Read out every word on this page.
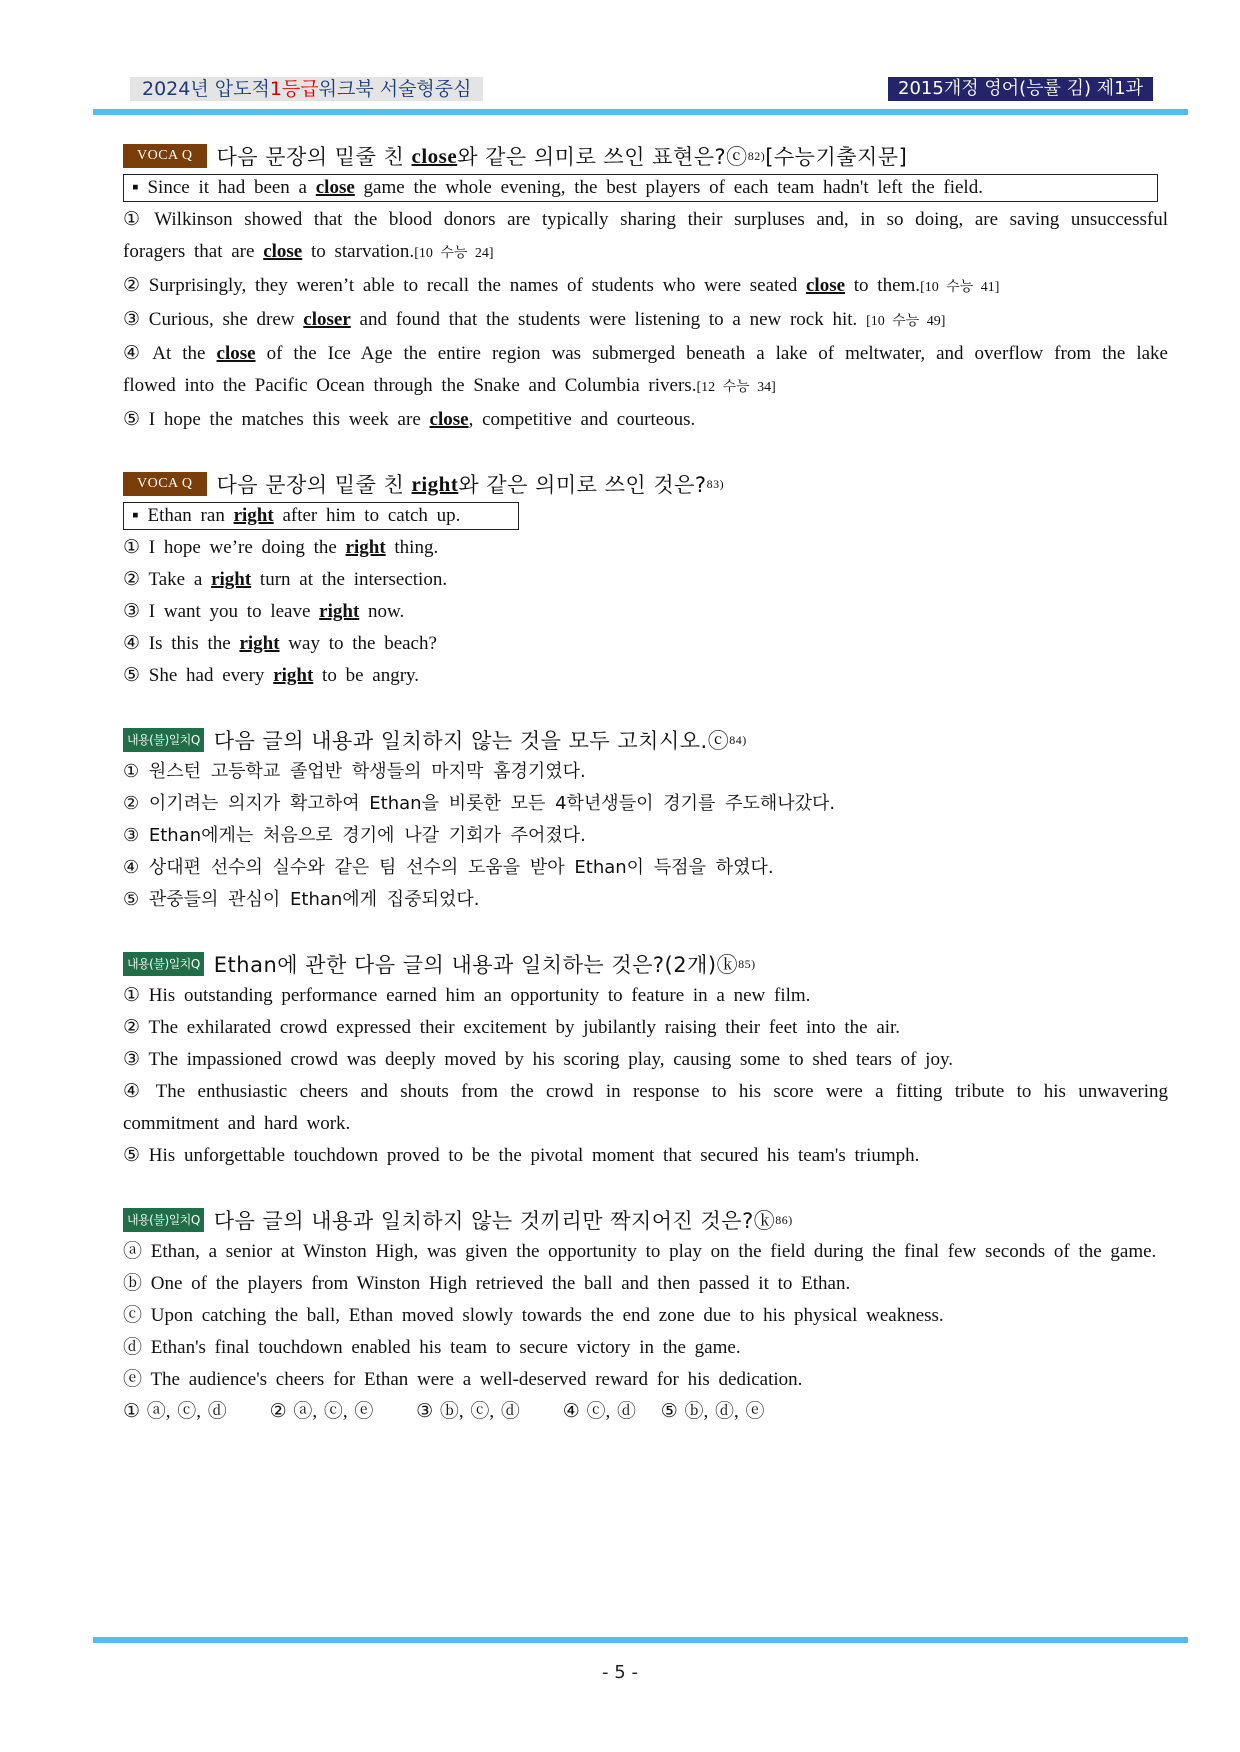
2024년 압도적1등급워크북 서술형중심	2015개정 영어(능률 김) 제1과
VOCA Q	다음 문장의 밑줄 친
close 와 같은 의미로 쓰인 표현은?ⓒ 82) [수능기출지문]
▪ Since it had been a close game the whole evening, the best players of each team hadn't left the field.

① Wilkinson showed that the blood donors are typically sharing their surpluses and, in so doing, are saving unsuccessful foragers that are close to starvation.[10 수능 24]

② Surprisingly, they weren’t able to recall the names of students who were seated close to them.[10 수능 41]

③ Curious, she drew closer and found that the students were listening to a new rock hit. [10 수능 49]

④ At the close of the Ice Age the entire region was submerged beneath a lake of meltwater, and overflow from the lake flowed into the Pacific Ocean through the Snake and Columbia rivers.[12 수능 34]

⑤ I hope the matches this week are close, competitive and courteous.

VOCA Q	다음 문장의 밑줄 친
right 와 같은 의미로 쓰인 것은? 83)
▪ Ethan ran right after him to catch up.

① I hope we’re doing the right thing.

② Take a right turn at the intersection.

③ I want you to leave right now.

④ Is this the right way to the beach?

⑤ She had every right to be angry.

내용(불)일치Q 다음 글의 내용과 일치하지 않는 것을 모두 고치시오.ⓒ 84)

① 원스턴 고등학교 졸업반 학생들의 마지막 홈경기였다.

② 이기려는 의지가 확고하여 Ethan을 비롯한 모든 4학년생들이 경기를 주도해나갔다.

③ Ethan에게는 처음으로 경기에 나갈 기회가 주어졌다.

④ 상대편 선수의 실수와 같은 팀 선수의 도움을 받아 Ethan이 득점을 하였다.

⑤ 관중들의 관심이 Ethan에게 집중되었다.

내용(불)일치Q Ethan에 관한 다음 글의 내용과 일치하는 것은?(2개)ⓚ 85)

① His outstanding performance earned him an opportunity to feature in a new film.

② The exhilarated crowd expressed their excitement by jubilantly raising their feet into the air.

③ The impassioned crowd was deeply moved by his scoring play, causing some to shed tears of joy.

④ The enthusiastic cheers and shouts from the crowd in response to his score were a fitting tribute to his unwavering commitment and hard work.

⑤ His unforgettable touchdown proved to be the pivotal moment that secured his team's triumph.

내용(불)일치Q 다음 글의 내용과 일치하지 않는 것끼리만 짝지어진 것은?ⓚ 86)

ⓐ Ethan, a senior at Winston High, was given the opportunity to play on the field during the final few seconds of the game.

ⓑ One of the players from Winston High retrieved the ball and then passed it to Ethan.

ⓒ Upon catching the ball, Ethan moved slowly towards the end zone due to his physical weakness.

ⓓ Ethan's final touchdown enabled his team to secure victory in the game.

ⓔ The audience's cheers for Ethan were a well-deserved reward for his dedication.

① ⓐ, ⓒ, ⓓ ② ⓐ, ⓒ, ⓔ ③ ⓑ, ⓒ, ⓓ ④ ⓒ, ⓓ ⑤ ⓑ, ⓓ, ⓔ
- 5 -
